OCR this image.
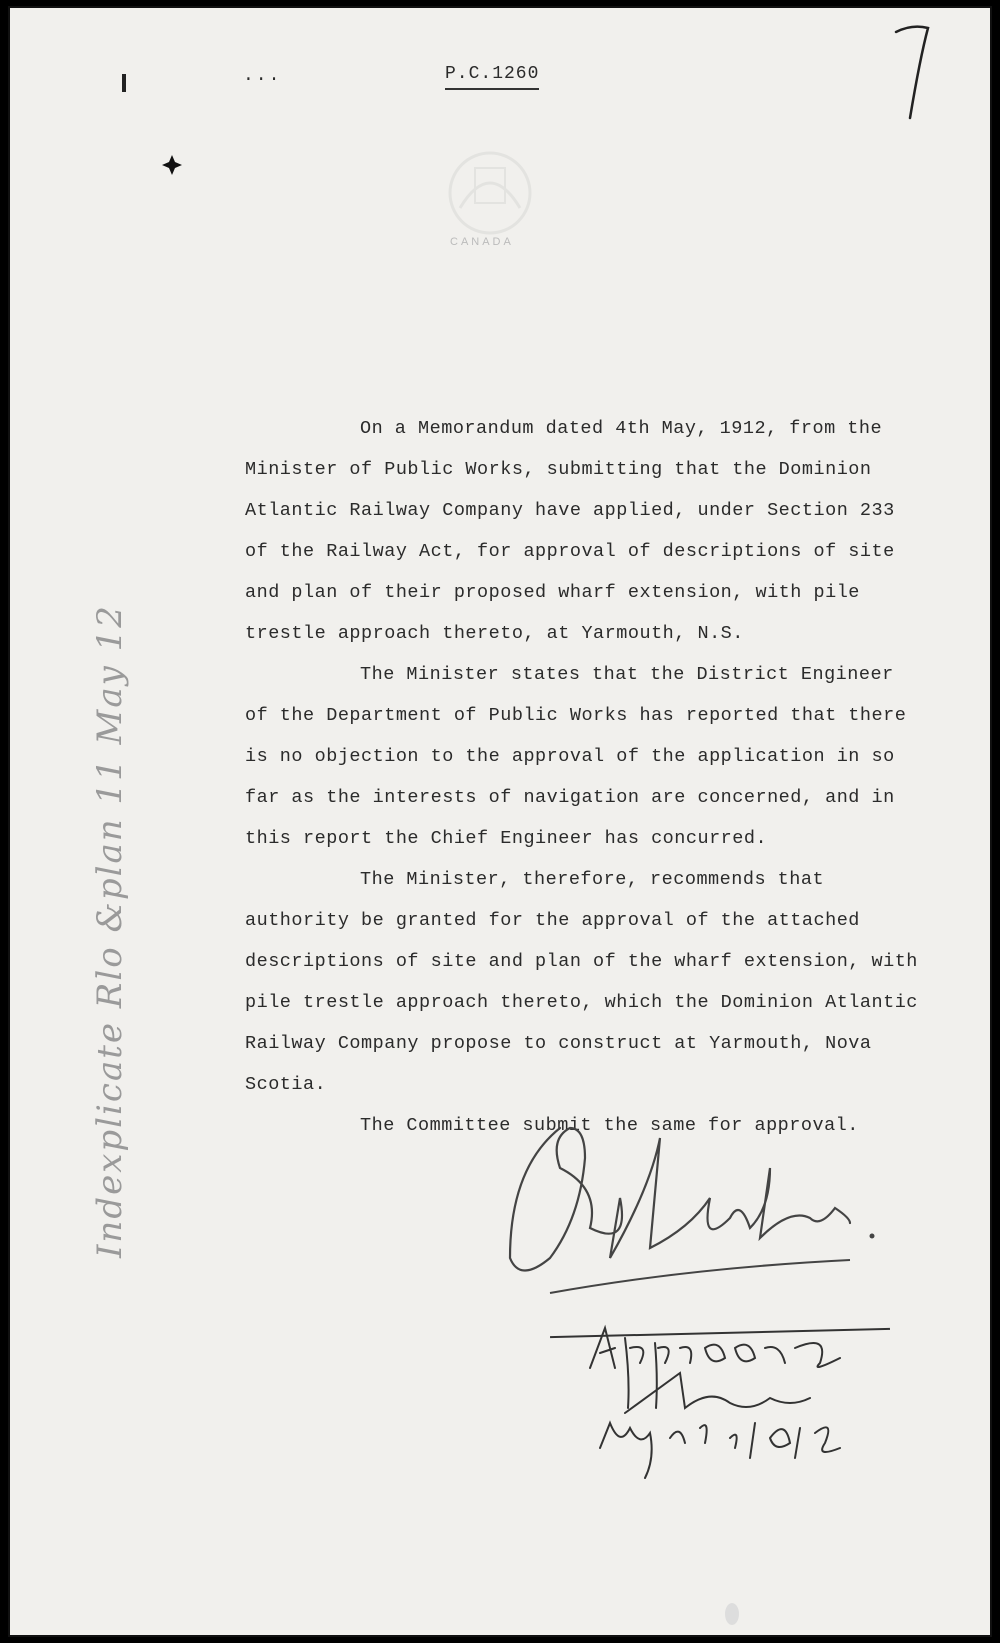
...	P.C.1260
CANADA

On a Memorandum dated 4th May, 1912, from the Minister of Public Works, submitting that the Dominion Atlantic Railway Company have applied, under Section 233 of the Railway Act, for approval of descriptions of site and plan of their proposed wharf extension, with pile trestle approach thereto, at Yarmouth, N.S.

The Minister states that the District Engineer of the Department of Public Works has reported that there is no objection to the approval of the application in so far as the interests of navigation are concerned, and in this report the Chief Engineer has concurred.

The Minister, therefore, recommends that authority be granted for the approval of the attached descriptions of site and plan of the wharf extension, with pile trestle approach thereto, which the Dominion Atlantic Railway Company propose to construct at Yarmouth, Nova Scotia.

The Committee submit the same for approval.

Indexplicate Rlo &plan 11 May 12
